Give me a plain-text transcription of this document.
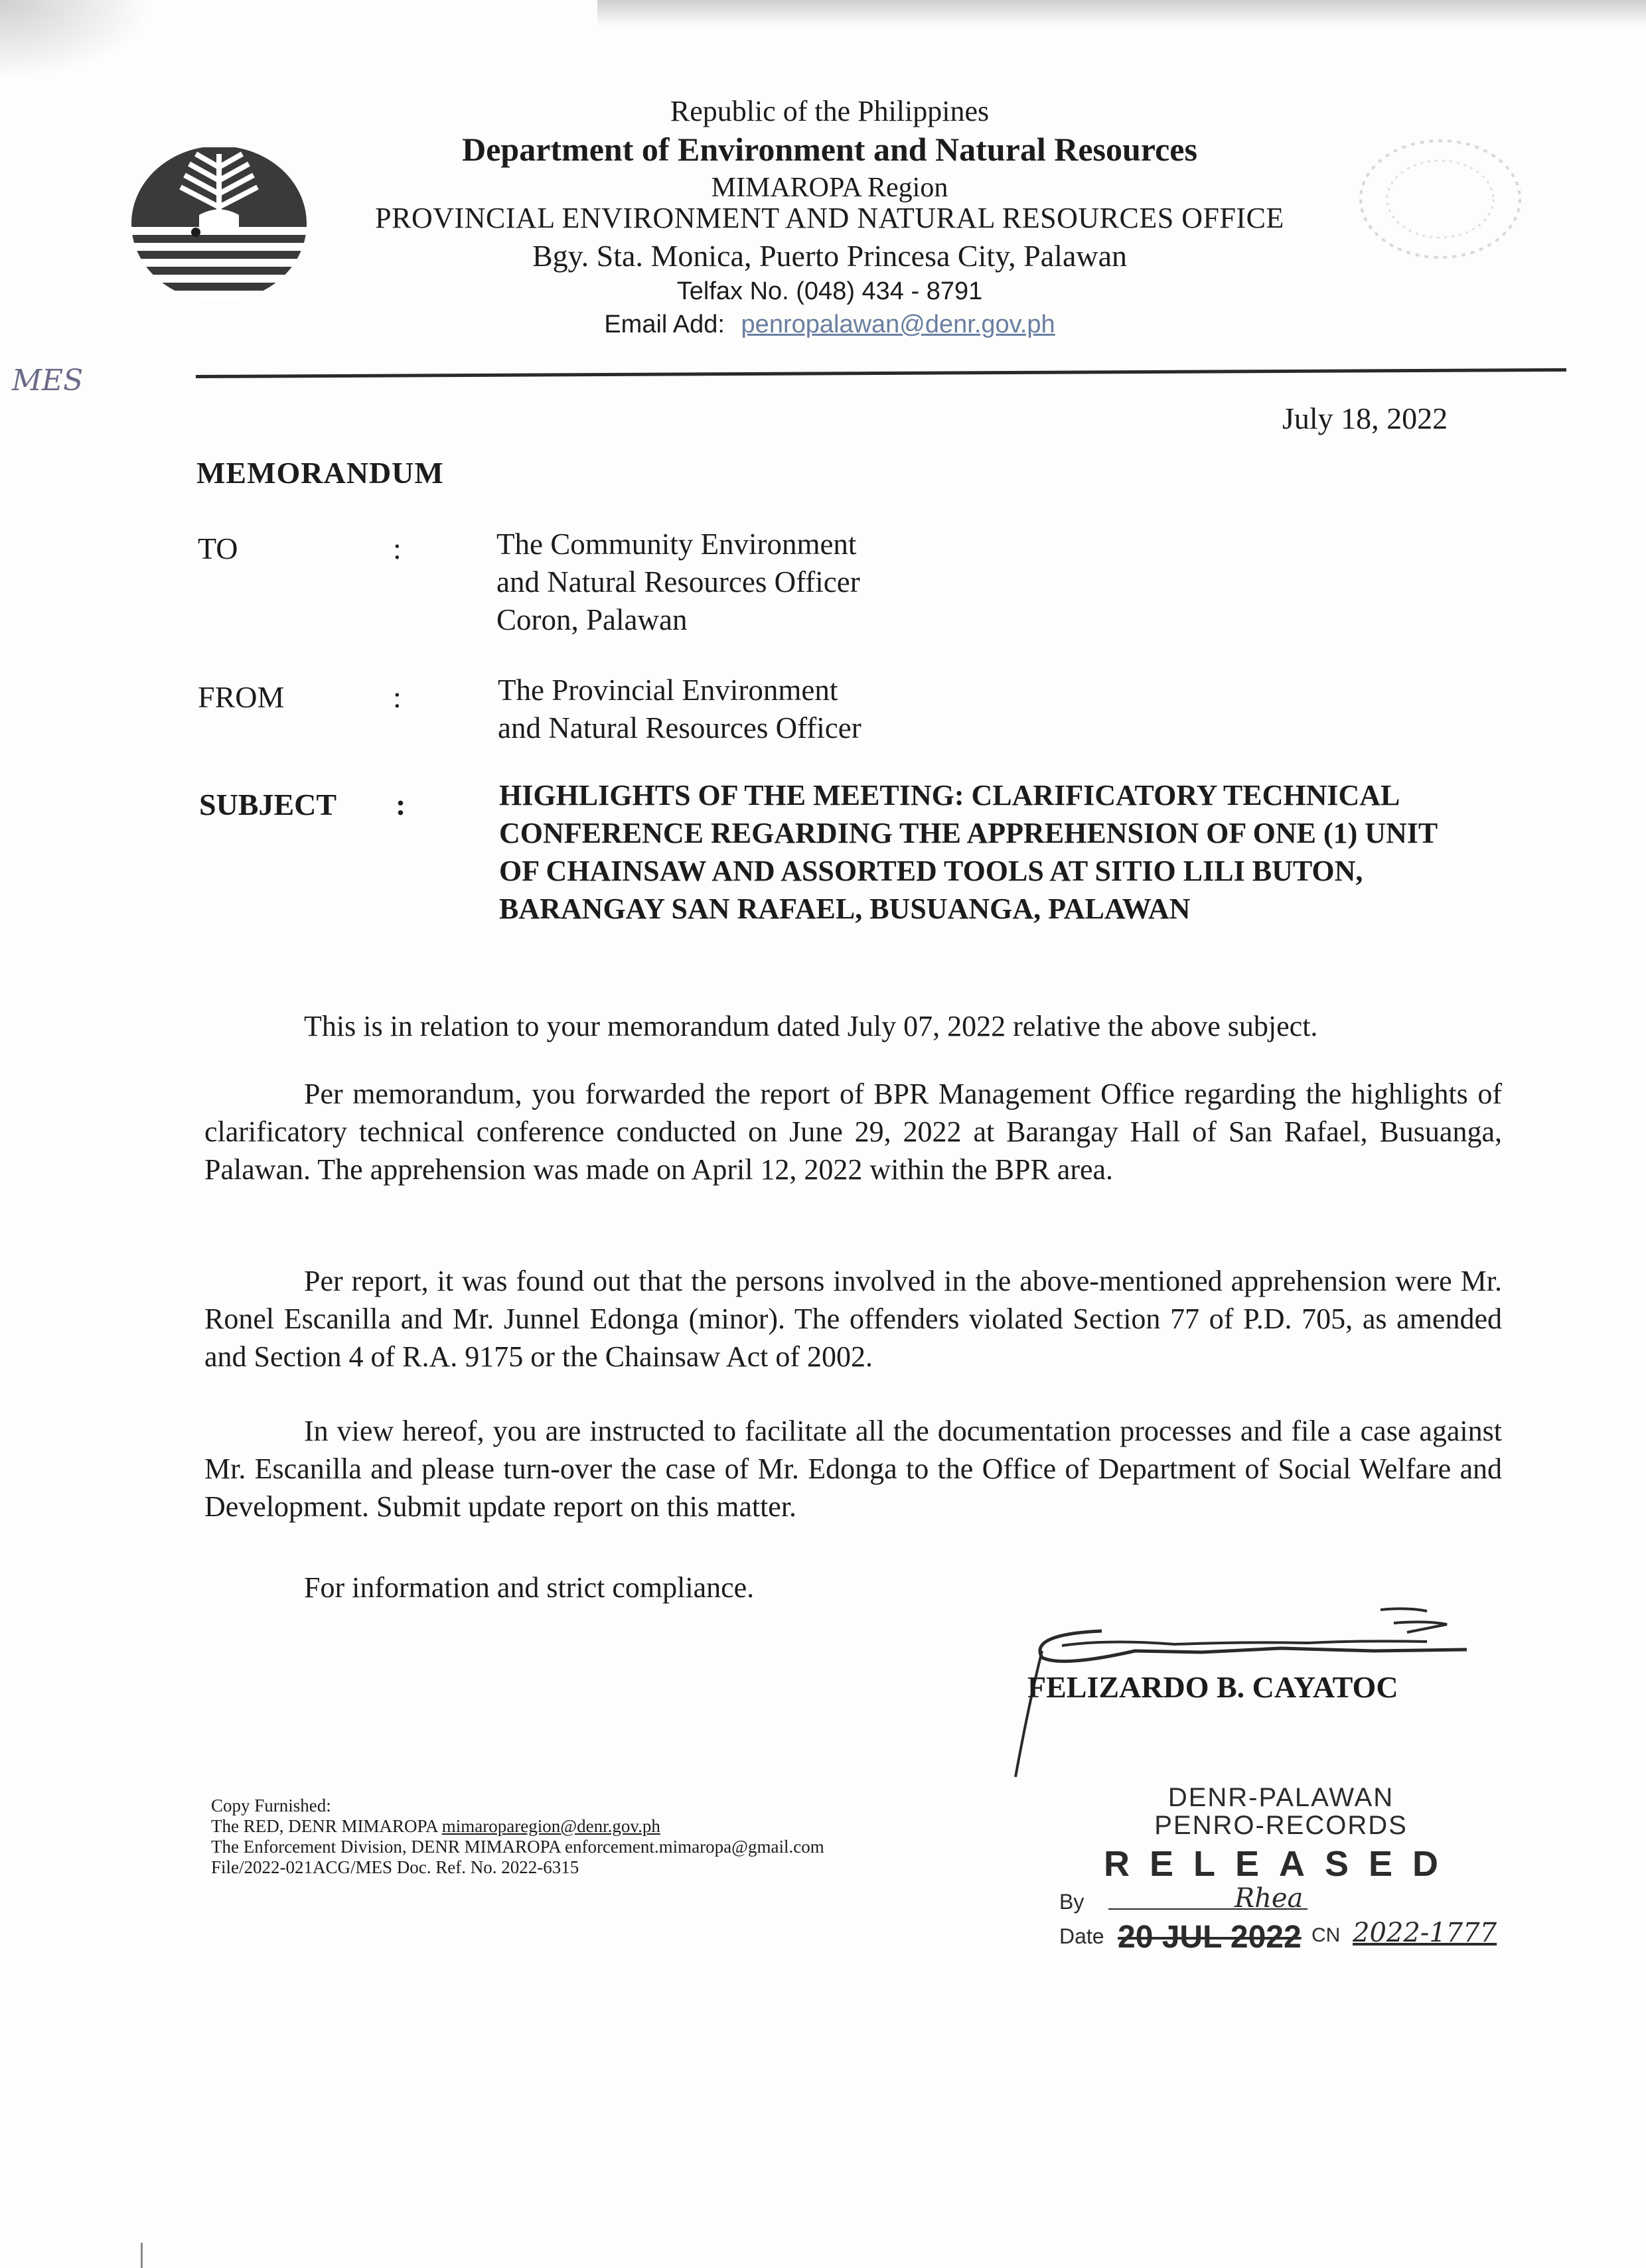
Republic of the Philippines
Department of Environment and Natural Resources
MIMAROPA Region
PROVINCIAL ENVIRONMENT AND NATURAL RESOURCES OFFICE
Bgy. Sta. Monica, Puerto Princesa City, Palawan
Telfax No. (048) 434 - 8791
Email Add: penropalawan@denr.gov.ph
MES
July 18, 2022
MEMORANDUM
TO	:	The Community Environment
and Natural Resources Officer
Coron, Palawan
FROM	:	The Provincial Environment
and Natural Resources Officer
SUBJECT :	HIGHLIGHTS OF THE MEETING: CLARIFICATORY TECHNICAL CONFERENCE REGARDING THE APPREHENSION OF ONE (1) UNIT OF CHAINSAW AND ASSORTED TOOLS AT SITIO LILI BUTON, BARANGAY SAN RAFAEL, BUSUANGA, PALAWAN
This is in relation to your memorandum dated July 07, 2022 relative the above subject.
Per memorandum, you forwarded the report of BPR Management Office regarding the highlights of clarificatory technical conference conducted on June 29, 2022 at Barangay Hall of San Rafael, Busuanga, Palawan. The apprehension was made on April 12, 2022 within the BPR area.
Per report, it was found out that the persons involved in the above-mentioned apprehension were Mr. Ronel Escanilla and Mr. Junnel Edonga (minor). The offenders violated Section 77 of P.D. 705, as amended and Section 4 of R.A. 9175 or the Chainsaw Act of 2002.
In view hereof, you are instructed to facilitate all the documentation processes and file a case against Mr. Escanilla and please turn-over the case of Mr. Edonga to the Office of Department of Social Welfare and Development. Submit update report on this matter.
For information and strict compliance.
FELIZARDO B. CAYATOC
Copy Furnished:
The RED, DENR MIMAROPA mimaroparegion@denr.gov.ph
The Enforcement Division, DENR MIMAROPA enforcement.mimaropa@gmail.com
File/2022-021ACG/MES Doc. Ref. No. 2022-6315
DENR-PALAWAN
PENRO-RECORDS
RELEASED
By	Rhea
Date 20 JUL 2022 CN 2022-1777
